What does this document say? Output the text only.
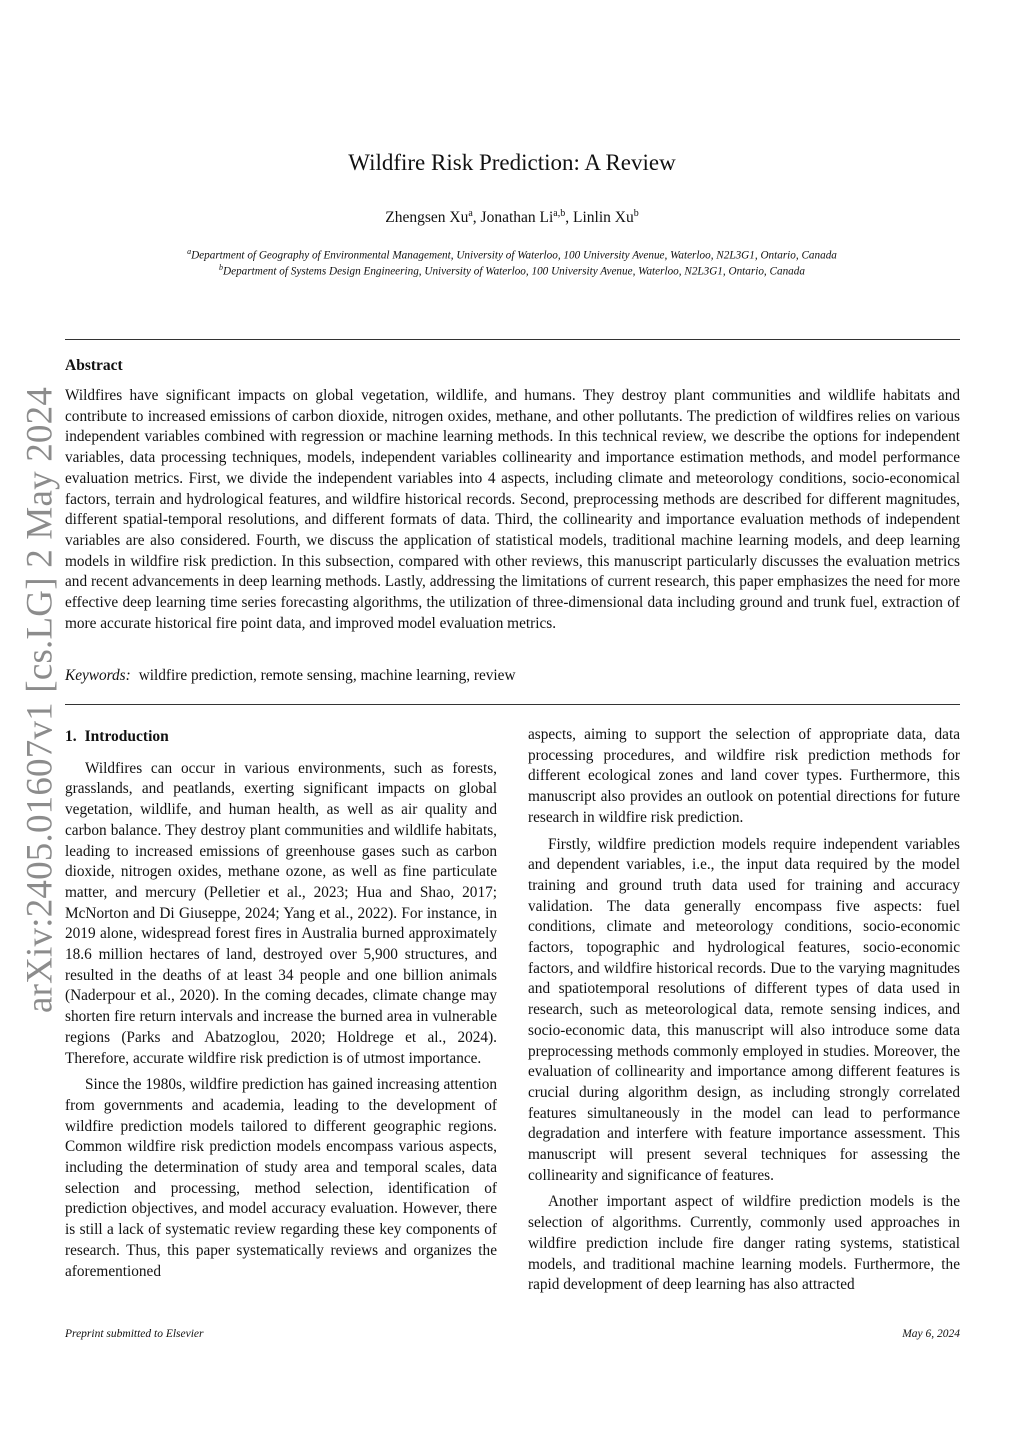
arXiv:2405.01607v1 [cs.LG] 2 May 2024
Wildfire Risk Prediction: A Review
Zhengsen Xu$^a$, Jonathan Li$^{a,b}$, Linlin Xu$^b$
$^a$Department of Geography of Environmental Management, University of Waterloo, 100 University Avenue, Waterloo, N2L3G1, Ontario, Canada
$^b$Department of Systems Design Engineering, University of Waterloo, 100 University Avenue, Waterloo, N2L3G1, Ontario, Canada
Abstract
Wildfires have significant impacts on global vegetation, wildlife, and humans. They destroy plant communities and wildlife habitats and contribute to increased emissions of carbon dioxide, nitrogen oxides, methane, and other pollutants. The prediction of wildfires relies on various independent variables combined with regression or machine learning methods. In this technical review, we describe the options for independent variables, data processing techniques, models, independent variables collinearity and importance estimation methods, and model performance evaluation metrics. First, we divide the independent variables into 4 aspects, including climate and meteorology conditions, socio-economical factors, terrain and hydrological features, and wildfire historical records. Second, preprocessing methods are described for different magnitudes, different spatial-temporal resolutions, and different formats of data. Third, the collinearity and importance evaluation methods of independent variables are also considered. Fourth, we discuss the application of statistical models, traditional machine learning models, and deep learning models in wildfire risk prediction. In this subsection, compared with other reviews, this manuscript particularly discusses the evaluation metrics and recent advancements in deep learning methods. Lastly, addressing the limitations of current research, this paper emphasizes the need for more effective deep learning time series forecasting algorithms, the utilization of three-dimensional data including ground and trunk fuel, extraction of more accurate historical fire point data, and improved model evaluation metrics.
Keywords: wildfire prediction, remote sensing, machine learning, review
1. Introduction

Wildfires can occur in various environments, such as forests, grasslands, and peatlands, exerting significant impacts on global vegetation, wildlife, and human health, as well as air quality and carbon balance. They destroy plant communities and wildlife habitats, leading to increased emissions of greenhouse gases such as carbon dioxide, nitrogen oxides, methane ozone, as well as fine particulate matter, and mercury (Pelletier et al., 2023; Hua and Shao, 2017; McNorton and Di Giuseppe, 2024; Yang et al., 2022). For instance, in 2019 alone, widespread forest fires in Australia burned approximately 18.6 million hectares of land, destroyed over 5,900 structures, and resulted in the deaths of at least 34 people and one billion animals (Naderpour et al., 2020). In the coming decades, climate change may shorten fire return intervals and increase the burned area in vulnerable regions (Parks and Abatzoglou, 2020; Holdrege et al., 2024). Therefore, accurate wildfire risk prediction is of utmost importance.

Since the 1980s, wildfire prediction has gained increasing attention from governments and academia, leading to the development of wildfire prediction models tailored to different geographic regions. Common wildfire risk prediction models encompass various aspects, including the determination of study area and temporal scales, data selection and processing, method selection, identification of prediction objectives, and model accuracy evaluation. However, there is still a lack of systematic review regarding these key components of research. Thus, this paper systematically reviews and organizes the aforementioned

aspects, aiming to support the selection of appropriate data, data processing procedures, and wildfire risk prediction methods for different ecological zones and land cover types. Furthermore, this manuscript also provides an outlook on potential directions for future research in wildfire risk prediction.

Firstly, wildfire prediction models require independent variables and dependent variables, i.e., the input data required by the model training and ground truth data used for training and accuracy validation. The data generally encompass five aspects: fuel conditions, climate and meteorology conditions, socio-economic factors, topographic and hydrological features, socio-economic factors, and wildfire historical records. Due to the varying magnitudes and spatiotemporal resolutions of different types of data used in research, such as meteorological data, remote sensing indices, and socio-economic data, this manuscript will also introduce some data preprocessing methods commonly employed in studies. Moreover, the evaluation of collinearity and importance among different features is crucial during algorithm design, as including strongly correlated features simultaneously in the model can lead to performance degradation and interfere with feature importance assessment. This manuscript will present several techniques for assessing the collinearity and significance of features.

Another important aspect of wildfire prediction models is the selection of algorithms. Currently, commonly used approaches in wildfire prediction include fire danger rating systems, statistical models, and traditional machine learning models. Furthermore, the rapid development of deep learning has also attracted

Preprint submitted to Elsevier	May 6, 2024
